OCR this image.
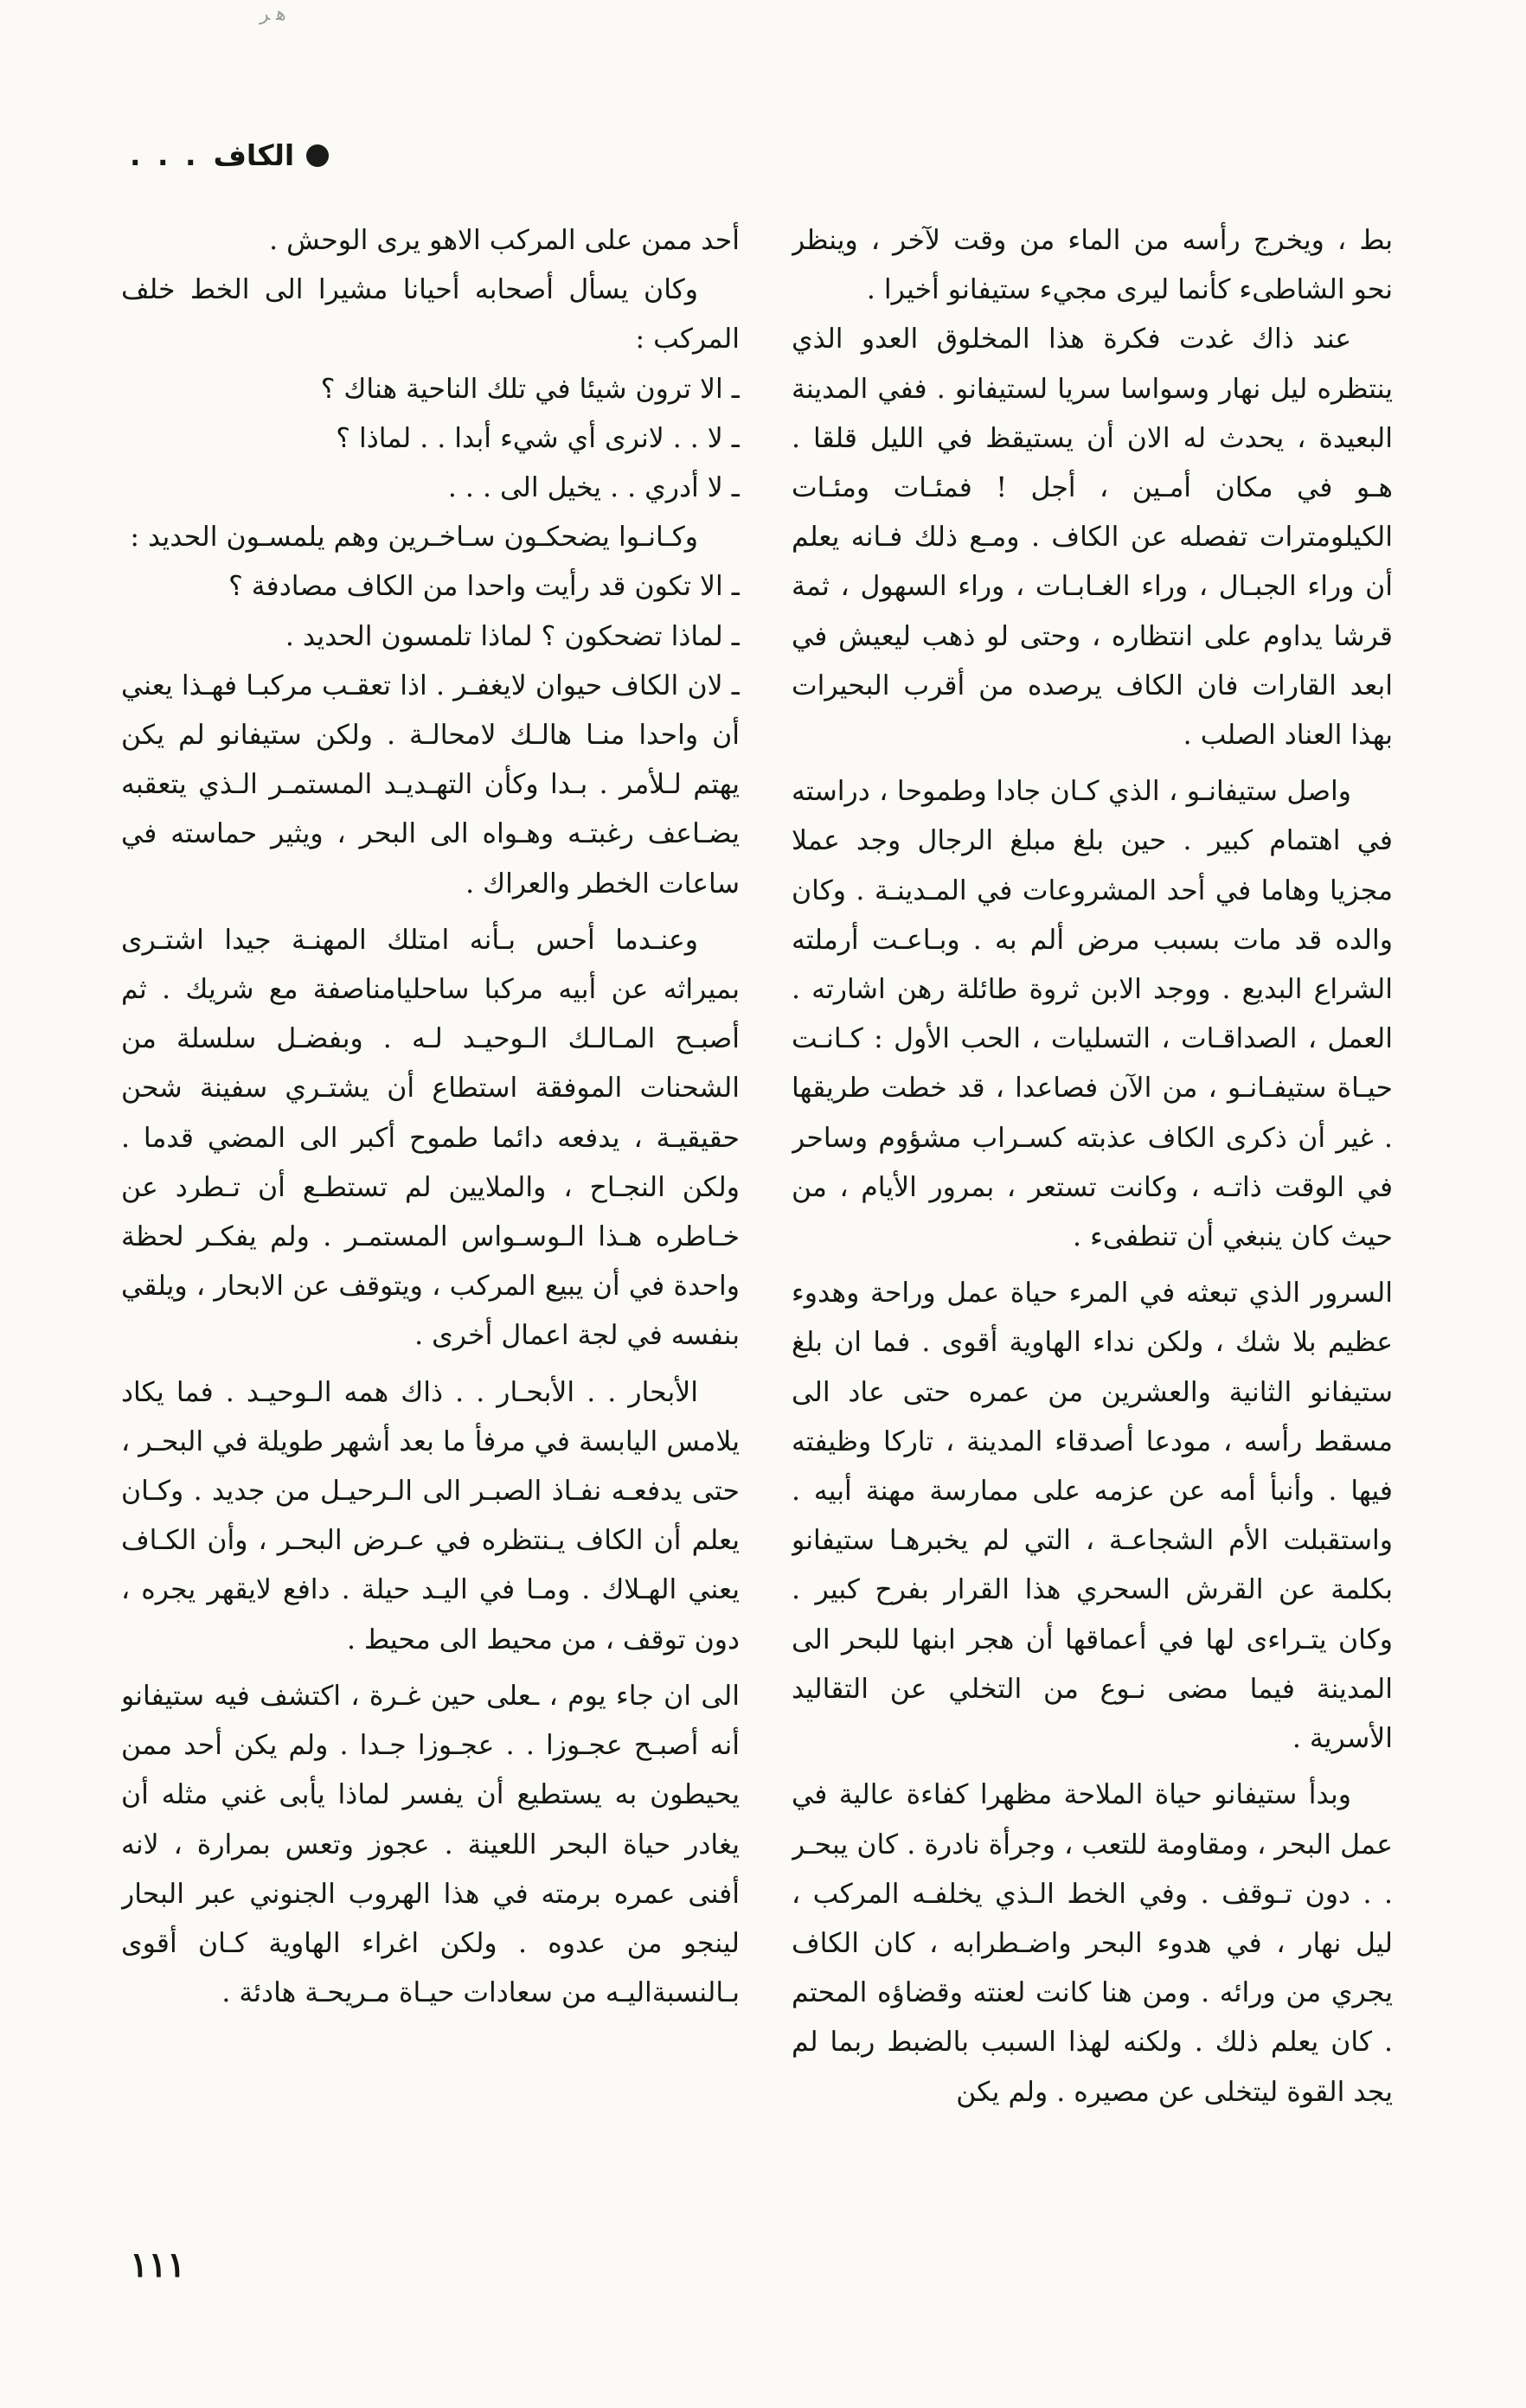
ﻫ ﺮ
الكاف
. . .

بط ، ويخرج رأسه من الماء من وقت لآخر ، وينظر نحو الشاطىء كأنما ليرى مجيء ستيفانو أخيرا .

عند ذاك غدت فكرة هذا المخلوق العدو الذي ينتظره ليل نهار وسواسا سريا لستيفانو . ففي المدينة البعيدة ، يحدث له الان أن يستيقظ في الليل قلقا . هـو في مكان أمـين ، أجل ! فمئـات ومئـات الكيلومترات تفصله عن الكاف . ومـع ذلك فـانه يعلم أن وراء الجبـال ، وراء الغـابـات ، وراء السهول ، ثمة قرشا يداوم على انتظاره ، وحتى لو ذهب ليعيش في ابعد القارات فان الكاف يرصده من أقرب البحيرات بهذا العناد الصلب .

واصل ستيفانـو ، الذي كـان جادا وطموحا ، دراسته في اهتمام كبير . حين بلغ مبلغ الرجال وجد عملا مجزيا وهاما في أحد المشروعات في المـدينـة . وكان والده قد مات بسبب مرض ألم به . وبـاعـت أرملته الشراع البديع . ووجد الابن ثروة طائلة رهن اشارته . العمل ، الصداقـات ، التسليات ، الحب الأول : كـانـت حيـاة ستيفـانـو ، من الآن فصاعدا ، قد خطت طريقها . غير أن ذكرى الكاف عذبته كسـراب مشؤوم وساحر في الوقت ذاتـه ، وكانت تستعر ، بمرور الأيام ، من حيث كان ينبغي أن تنطفىء .

السرور الذي تبعثه في المرء حياة عمل وراحة وهدوء عظيم بلا شك ، ولكن نداء الهاوية أقوى . فما ان بلغ ستيفانو الثانية والعشرين من عمره حتى عاد الى مسقط رأسه ، مودعا أصدقاء المدينة ، تاركا وظيفته فيها . وأنبأ أمه عن عزمه على ممارسة مهنة أبيه . واستقبلت الأم الشجاعـة ، التي لم يخبرهـا ستيفانو بكلمة عن القرش السحري هذا القرار بفرح كبير . وكان يتـراءى لها في أعماقها أن هجر ابنها للبحر الى المدينة فيما مضى نـوع من التخلي عن التقاليد الأسرية .

وبدأ ستيفانو حياة الملاحة مظهرا كفاءة عالية في عمل البحر ، ومقاومة للتعب ، وجرأة نادرة . كان يبحـر . . دون تـوقف . وفي الخط الـذي يخلفـه المركب ، ليل نهار ، في هدوء البحر واضـطرابه ، كان الكاف يجري من ورائه . ومن هنا كانت لعنته وقضاؤه المحتم . كان يعلم ذلك . ولكنه لهذا السبب بالضبط ربما لم يجد القوة ليتخلى عن مصيره . ولم يكن

أحد ممن على المركب الاهو يرى الوحش .

وكان يسأل أصحابه أحيانا مشيرا الى الخط خلف المركب :

ـ الا ترون شيئا في تلك الناحية هناك ؟

ـ لا . . لانرى أي شيء أبدا . . لماذا ؟

ـ لا أدري . . يخيل الى . . .

وكـانـوا يضحكـون سـاخـرين وهم يلمسـون الحديد :

ـ الا تكون قد رأيت واحدا من الكاف مصادفة ؟

ـ لماذا تضحكون ؟ لماذا تلمسون الحديد .

ـ لان الكاف حيوان لايغفـر . اذا تعقـب مركبـا فهـذا يعني أن واحدا منـا هالـك لامحالـة . ولكن ستيفانو لم يكن يهتم لـلأمر . بـدا وكأن التهـديـد المستمـر الـذي يتعقبه يضـاعف رغبتـه وهـواه الى البحر ، ويثير حماسته في ساعات الخطر والعراك .

وعنـدما أحس بـأنه امتلك المهنـة جيدا اشتـرى بميراثه عن أبيه مركبا ساحليامناصفة مع شريك . ثم أصبـح المـالـك الـوحيـد لـه . وبفضـل سلسلة من الشحنات الموفقة استطاع أن يشتـري سفينة شحن حقيقيـة ، يدفعه دائما طموح أكبر الى المضي قدما . ولكن النجـاح ، والملايين لم تستطـع أن تـطرد عن خـاطره هـذا الـوسـواس المستمـر . ولم يفكـر لحظة واحدة في أن يبيع المركب ، ويتوقف عن الابحار ، ويلقي بنفسه في لجة اعمال أخرى .

الأبحار . . الأبحـار . . ذاك همه الـوحيـد . فما يكاد يلامس اليابسة في مرفأ ما بعد أشهر طويلة في البحـر ، حتى يدفعـه نفـاذ الصبـر الى الـرحيـل من جديد . وكـان يعلم أن الكاف يـنتظره في عـرض البحـر ، وأن الكـاف يعني الهـلاك . ومـا في اليـد حيلة . دافع لايقهر يجره ، دون توقف ، من محيط الى محيط .

الى ان جاء يوم ، ـعلى حين غـرة ، اكتشف فيه ستيفانو أنه أصبـح عجـوزا . . عجـوزا جـدا . ولم يكن أحد ممن يحيطون به يستطيع أن يفسر لماذا يأبى غني مثله أن يغادر حياة البحر اللعينة . عجوز وتعس بمرارة ، لانه أفنى عمره برمته في هذا الهروب الجنوني عبر البحار لينجو من عدوه . ولكن اغراء الهاوية كـان أقوى بـالنسبةاليـه من سعادات حيـاة مـريحـة هادئة .

١١١
